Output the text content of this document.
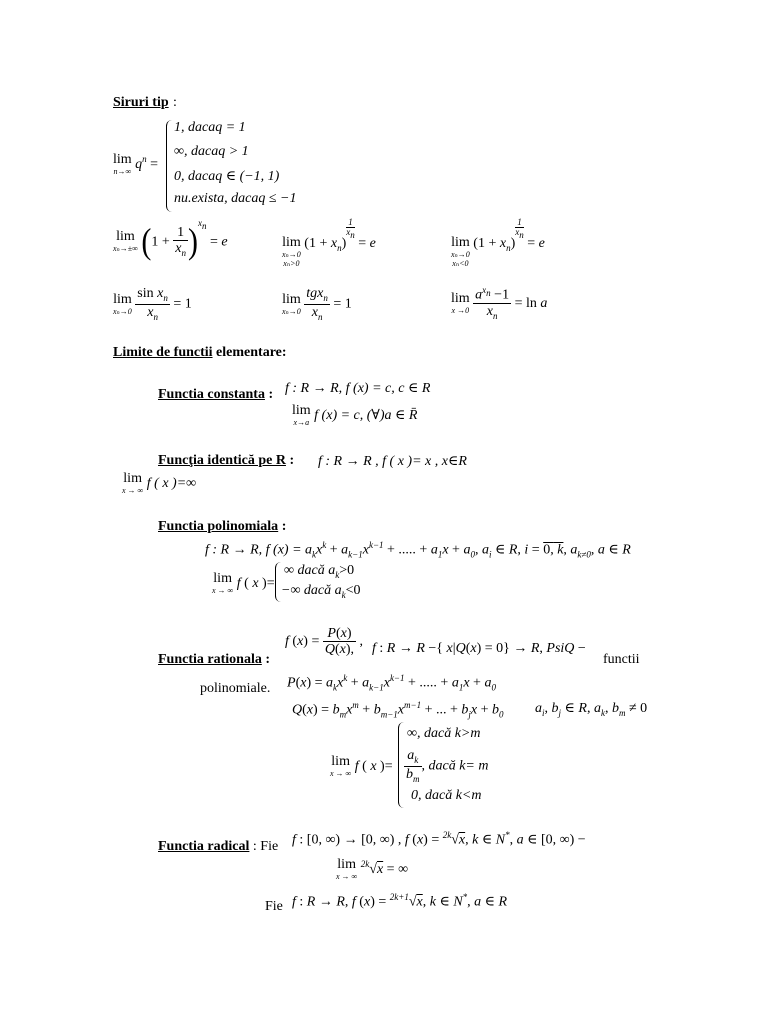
Siruri tip :
lim
n→∞ $q^n$ =
1, dacaq = 1
∞, dacaq > 1
0, dacaq ∈ (−1, 1)
nu.exista, dacaq ≤ −1
lim
xₙ→±∞ $(1 + \frac{1}{x_n} )^{x_n} = e$	lim
xₙ→0
xₙ>0
$(1 + x_n)$
$\frac{1}{x_n}$
= e	lim
xₙ→0
xₙ<0
$(1 + x_n)$
$\frac{1}{x_n}$
= e
lim
xₙ→0
$\frac{\sin x_n}{x_n} = 1$	lim
xₙ→0
$\frac{tgx_n}{x_n} = 1$	lim
x →0
$\frac{a^{x_n} -1}{x_n} = \ln a$
Limite de functii elementare:
Functia constanta : f : R → R, f (x) = c, c ∈ R
lim
x→a f (x) = c, (∀)a ∈ R̄
Funcţia identică pe R : f : R → R , f ( x )= x , x∈R
lim
x → ∞ f ( x )=∞
Functia polinomiala :
f : R → R, f $(x) = a_kx^k + a_{k-1}x^{k-1}$ + ..... + $a_1x + a_0$, $a_i$ ∈ R, i = 0, k, $a_{k\ne 0}$, a ∈ R
lim
x → ∞ f ( x )=
∞ dacă $a_k>0$
−∞ dacă $a_k<0$
Functia rationala :
f $(x) = \frac{P(x)}{Q(x),}$ , f : R → R −{ x|Q(x) = 0} → R, PsiQ −
functii
polinomiale. $P(x) = a_kx^k + a_{k-1}x^{k-1}$ + ..... + $a_1x + a_0$
$Q(x) = b_mx^m + b_{m-1}x^{m-1}$ + ... + $b_jx + b_0$ $a_i$, $b_j$ ∈ R, $a_k$, $b_m \ne 0$
lim
x → ∞ f ( x )=
∞, dacă k>m
$\frac{a_k}{b_m}$ , dacă k= m
0, dacă k<m
Functia radical : Fie f : [0, ∞) → [0, ∞) , f (x) = $^{2k}$√x, k ∈ N*, a ∈ [0, ∞) −
lim
x → ∞
$^{2k}$√x = ∞
Fie f : R → R, f (x) = $^{2k+1}$√x, k ∈ N*, a ∈ R
